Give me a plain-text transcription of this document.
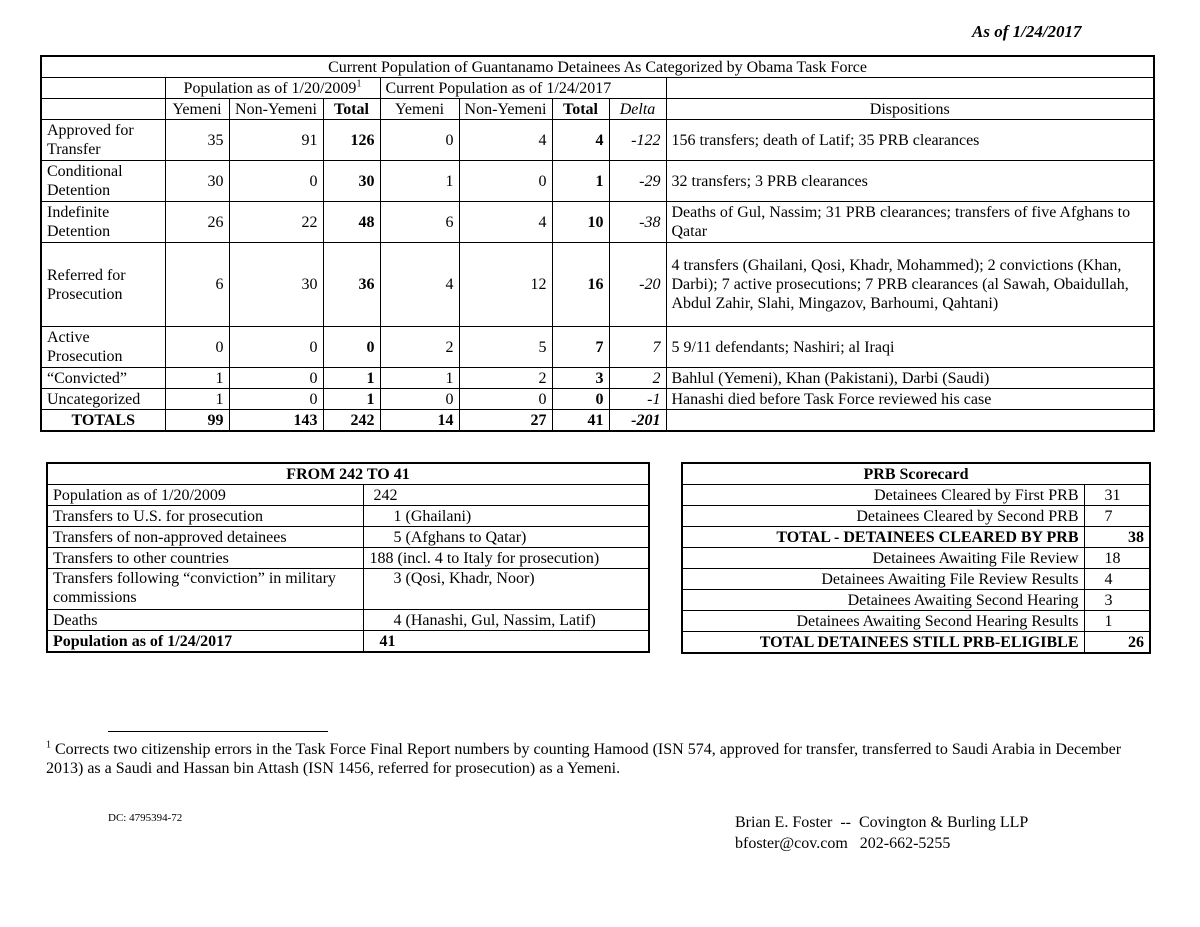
As of 1/24/2017
Current Population of Guantanamo Detainees As Categorized by Obama Task Force								
	Population as of 1/20/2009$^1$			Current Population as of 1/24/2017				
	Yemeni	Non-Yemeni	Total	Yemeni	Non-Yemeni	Total	Delta	Dispositions
Approved for Transfer	35	91	126	0	4	4	-122	156 transfers; death of Latif; 35 PRB clearances
Conditional Detention	30	0	30	1	0	1	-29	32 transfers; 3 PRB clearances
Indefinite Detention	26	22	48	6	4	10	-38	Deaths of Gul, Nassim; 31 PRB clearances; transfers of five Afghans to Qatar
Referred for Prosecution	6	30	36	4	12	16	-20	4 transfers (Ghailani, Qosi, Khadr, Mohammed); 2 convictions (Khan, Darbi); 7 active prosecutions; 7 PRB clearances (al Sawah, Obaidullah, Abdul Zahir, Slahi, Mingazov, Barhoumi, Qahtani)
Active Prosecution	0	0	0	2	5	7	7	5 9/11 defendants; Nashiri; al Iraqi
“Convicted”	1	0	1	1	2	3	2	Bahlul (Yemeni), Khan (Pakistani), Darbi (Saudi)
Uncategorized	1	0	1	0	0	0	-1	Hanashi died before Task Force reviewed his case
TOTALS	99	143	242	14	27	41	-201	
FROM 242 TO 41	
Population as of 1/20/2009	242
Transfers to U.S. for prosecution	1 (Ghailani)
Transfers of non-approved detainees	5 (Afghans to Qatar)
Transfers to other countries	188 (incl. 4 to Italy for prosecution)
Transfers following “conviction” in military commissions	3 (Qosi, Khadr, Noor)
Deaths	4 (Hanashi, Gul, Nassim, Latif)
Population as of 1/24/2017	41
PRB Scorecard	
Detainees Cleared by First PRB	31
Detainees Cleared by Second PRB	7
TOTAL - DETAINEES CLEARED BY PRB	38
Detainees Awaiting File Review	18
Detainees Awaiting File Review Results	4
Detainees Awaiting Second Hearing	3
Detainees Awaiting Second Hearing Results	1
TOTAL DETAINEES STILL PRB-ELIGIBLE	26
$^1$ Corrects two citizenship errors in the Task Force Final Report numbers by counting Hamood (ISN 574, approved for transfer, transferred to Saudi Arabia in December 2013) as a Saudi and Hassan bin Attash (ISN 1456, referred for prosecution) as a Yemeni.
DC: 4795394-72	Brian E. Foster  --  Covington & Burling LLP
bfoster@cov.com   202-662-5255
